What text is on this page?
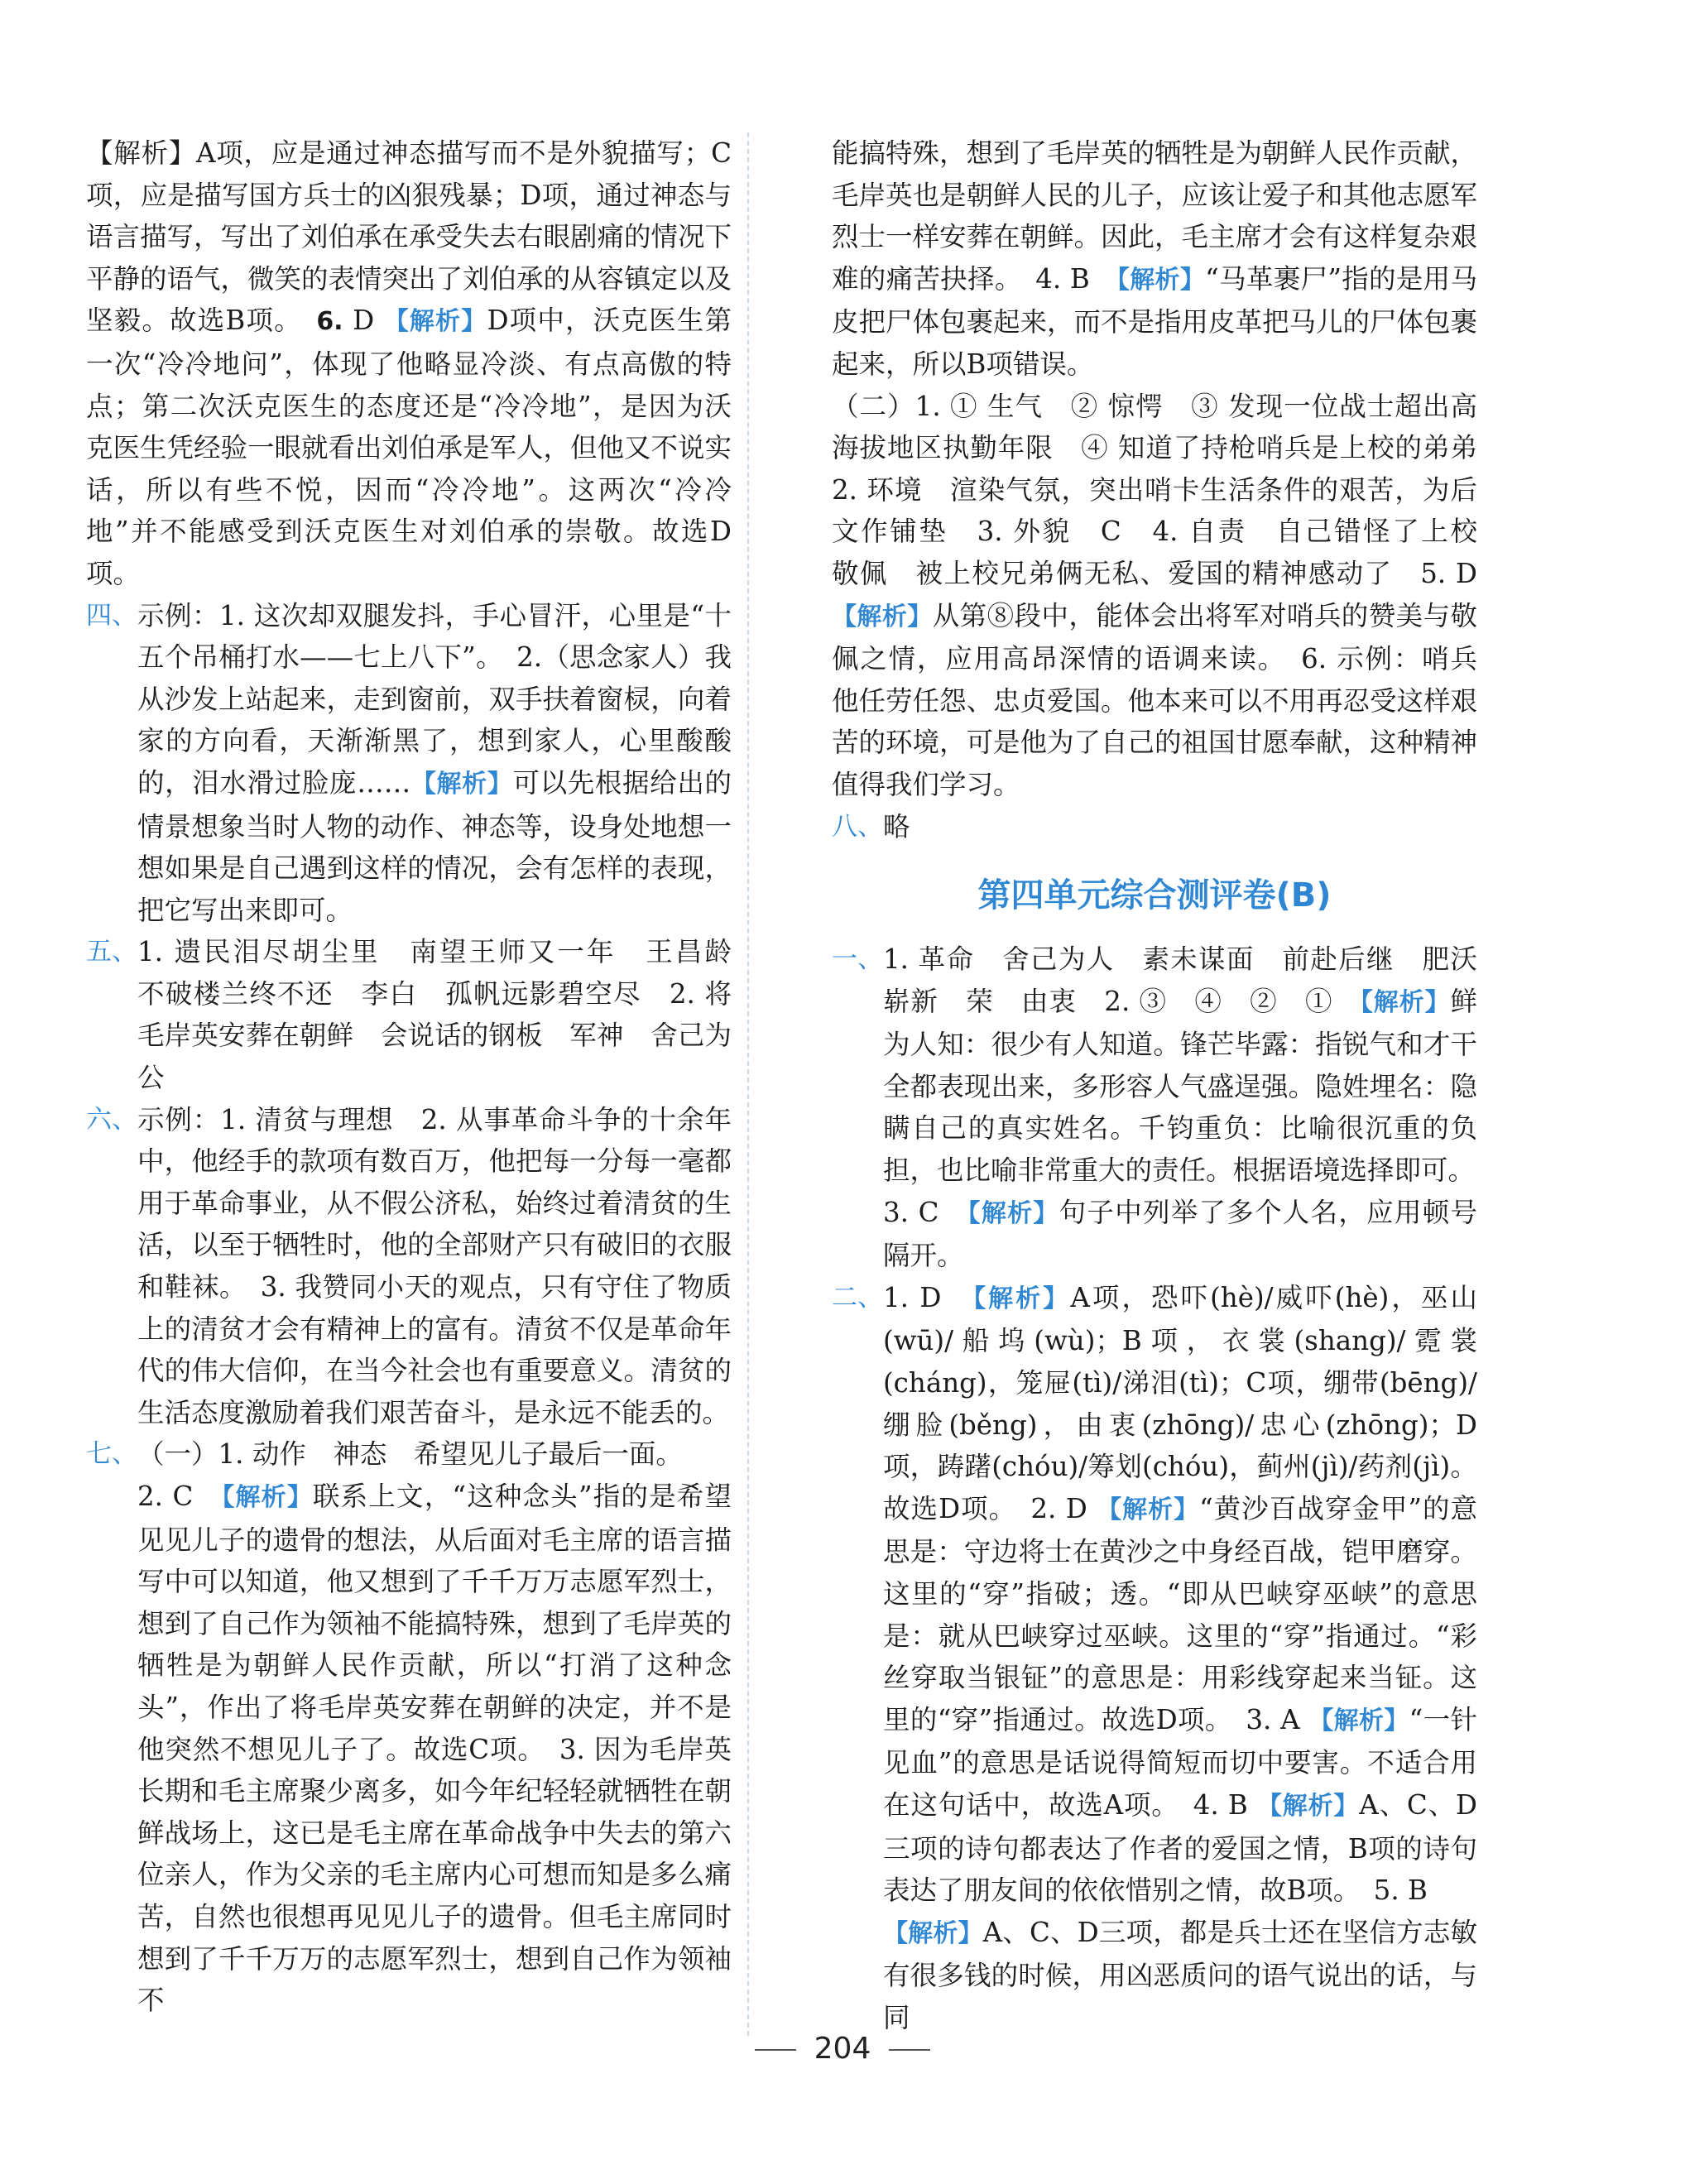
【解析】A项，应是通过神态描写而不是外貌描写；C项，应是描写国方兵士的凶狠残暴；D项，通过神态与语言描写，写出了刘伯承在承受失去右眼剧痛的情况下平静的语气，微笑的表情突出了刘伯承的从容镇定以及坚毅。故选B项。　 6. D 【解析】D项中，沃克医生第一次“冷冷地问”，体现了他略显冷淡、有点高傲的特点；第二次沃克医生的态度还是“冷冷地”，是因为沃克医生凭经验一眼就看出刘伯承是军人，但他又不说实话，所以有些不悦，因而“冷冷地”。这两次“冷冷地”并不能感受到沃克医生对刘伯承的崇敬。故选D项。

四、 示例：1. 这次却双腿发抖，手心冒汗，心里是“十五个吊桶打水——七上八下”。　 2.（思念家人）我从沙发上站起来，走到窗前，双手扶着窗棂，向着家的方向看，天渐渐黑了，想到家人，心里酸酸的，泪水滑过脸庞……【解析】可以先根据给出的情景想象当时人物的动作、神态等，设身处地想一想如果是自己遇到这样的情况，会有怎样的表现，把它写出来即可。

五、 1. 遗民泪尽胡尘里　南望王师又一年　王昌龄　不破楼兰终不还　李白　孤帆远影碧空尽　2. 将毛岸英安葬在朝鲜　会说话的钢板　军神　舍己为公

六、 示例：1. 清贫与理想　2. 从事革命斗争的十余年中，他经手的款项有数百万，他把每一分每一毫都用于革命事业，从不假公济私，始终过着清贫的生活，以至于牺牲时，他的全部财产只有破旧的衣服和鞋袜。　3. 我赞同小天的观点，只有守住了物质上的清贫才会有精神上的富有。清贫不仅是革命年代的伟大信仰，在当今社会也有重要意义。清贫的生活态度激励着我们艰苦奋斗，是永远不能丢的。

七、 （一）1. 动作　神态　希望见儿子最后一面。
2. C　 【解析】联系上文，“这种念头”指的是希望见见儿子的遗骨的想法，从后面对毛主席的语言描写中可以知道，他又想到了千千万万志愿军烈士，想到了自己作为领袖不能搞特殊，想到了毛岸英的牺牲是为朝鲜人民作贡献，所以“打消了这种念头”，作出了将毛岸英安葬在朝鲜的决定，并不是他突然不想见儿子了。故选C项。　3. 因为毛岸英长期和毛主席聚少离多，如今年纪轻轻就牺牲在朝鲜战场上，这已是毛主席在革命战争中失去的第六位亲人，作为父亲的毛主席内心可想而知是多么痛苦，自然也很想再见见儿子的遗骨。但毛主席同时想到了千千万万的志愿军烈士，想到自己作为领袖不

能搞特殊，想到了毛岸英的牺牲是为朝鲜人民作贡献，毛岸英也是朝鲜人民的儿子，应该让爱子和其他志愿军烈士一样安葬在朝鲜。因此，毛主席才会有这样复杂艰难的痛苦抉择。　 4. B　 【解析】“马革裹尸”指的是用马皮把尸体包裹起来，而不是指用皮革把马儿的尸体包裹起来，所以B项错误。

（二）1. ① 生气　② 惊愕　③ 发现一位战士超出高海拔地区执勤年限　④ 知道了持枪哨兵是上校的弟弟　2. 环境　渲染气氛，突出哨卡生活条件的艰苦，为后文作铺垫　3. 外貌　C　4. 自责　自己错怪了上校　敬佩　被上校兄弟俩无私、爱国的精神感动了　 5. D 【解析】从第⑧段中，能体会出将军对哨兵的赞美与敬佩之情，应用高昂深情的语调来读。　6. 示例：哨兵　他任劳任怨、忠贞爱国。他本来可以不用再忍受这样艰苦的环境，可是他为了自己的祖国甘愿奉献，这种精神值得我们学习。

八、 略

第四单元综合测评卷(B)

一、 1. 革命　舍己为人　素未谋面　前赴后继　肥沃　崭新　荣　由衷　2. ③　④　②　①　 【解析】鲜为人知：很少有人知道。锋芒毕露：指锐气和才干全都表现出来，多形容人气盛逞强。隐姓埋名：隐瞒自己的真实姓名。千钧重负：比喻很沉重的负担，也比喻非常重大的责任。根据语境选择即可。
3. C　 【解析】句子中列举了多个人名，应用顿号隔开。

二、 1. D　 【解析】A项，恐吓(hè)/威吓(hè)，巫山(wū)/船坞(wù)；B项，衣裳(shang)/霓裳(cháng)，笼屉(tì)/涕泪(tì)；C项，绷带(bēng)/绷脸(běng)，由衷(zhōng)/忠心(zhōng)；D项，踌躇(chóu)/筹划(chóu)，蓟州(jì)/药剂(jì)。故选D项。　 2. D 【解析】“黄沙百战穿金甲”的意思是：守边将士在黄沙之中身经百战，铠甲磨穿。这里的“穿”指破；透。“即从巴峡穿巫峡”的意思是：就从巴峡穿过巫峡。这里的“穿”指通过。“彩丝穿取当银钲”的意思是：用彩线穿起来当钲。这里的“穿”指通过。故选D项。　 3. A 【解析】“一针见血”的意思是话说得简短而切中要害。不适合用在这句话中，故选A项。　 4. B 【解析】A、C、D三项的诗句都表达了作者的爱国之情，B项的诗句表达了朋友间的依依惜别之情，故B项。　 5. B
【解析】A、C、D三项，都是兵士还在坚信方志敏有很多钱的时候，用凶恶质问的语气说出的话，与同

204
